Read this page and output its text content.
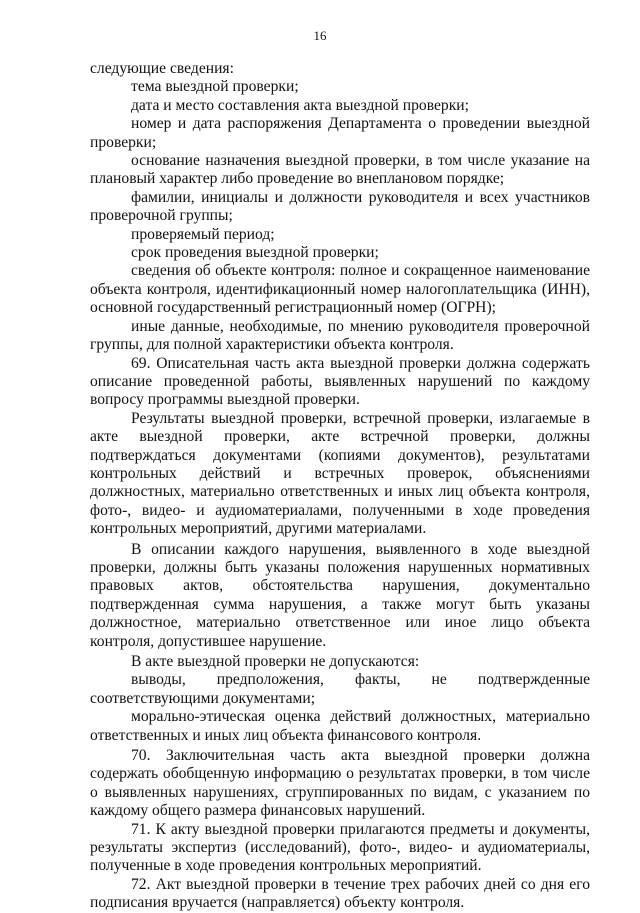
16

следующие сведения:

тема выездной проверки;

дата и место составления акта выездной проверки;

номер и дата распоряжения Департамента о проведении выездной проверки;

основание назначения выездной проверки, в том числе указание на плановый характер либо проведение во внеплановом порядке;

фамилии, инициалы и должности руководителя и всех участников проверочной группы;

проверяемый период;

срок проведения выездной проверки;

сведения об объекте контроля: полное и сокращенное наименование объекта контроля, идентификационный номер налогоплательщика (ИНН), основной государственный регистрационный номер (ОГРН);

иные данные, необходимые, по мнению руководителя проверочной группы, для полной характеристики объекта контроля.

69. Описательная часть акта выездной проверки должна содержать описание проведенной работы, выявленных нарушений по каждому вопросу программы выездной проверки.

Результаты выездной проверки, встречной проверки, излагаемые в акте выездной проверки, акте встречной проверки, должны подтверждаться документами (копиями документов), результатами контрольных действий и встречных проверок, объяснениями должностных, материально ответственных и иных лиц объекта контроля, фото-, видео- и аудиоматериалами, полученными в ходе проведения контрольных мероприятий, другими материалами.

В описании каждого нарушения, выявленного в ходе выездной проверки, должны быть указаны положения нарушенных нормативных правовых актов, обстоятельства нарушения, документально подтвержденная сумма нарушения, а также могут быть указаны должностное, материально ответственное или иное лицо объекта контроля, допустившее нарушение.

В акте выездной проверки не допускаются:

выводы, предположения, факты, не подтвержденные соответствующими документами;

морально-этическая оценка действий должностных, материально ответственных и иных лиц объекта финансового контроля.

70. Заключительная часть акта выездной проверки должна содержать обобщенную информацию о результатах проверки, в том числе о выявленных нарушениях, сгруппированных по видам, с указанием по каждому общего размера финансовых нарушений.

71. К акту выездной проверки прилагаются предметы и документы, результаты экспертиз (исследований), фото-, видео- и аудиоматериалы, полученные в ходе проведения контрольных мероприятий.

72. Акт выездной проверки в течение трех рабочих дней со дня его подписания вручается (направляется) объекту контроля.
